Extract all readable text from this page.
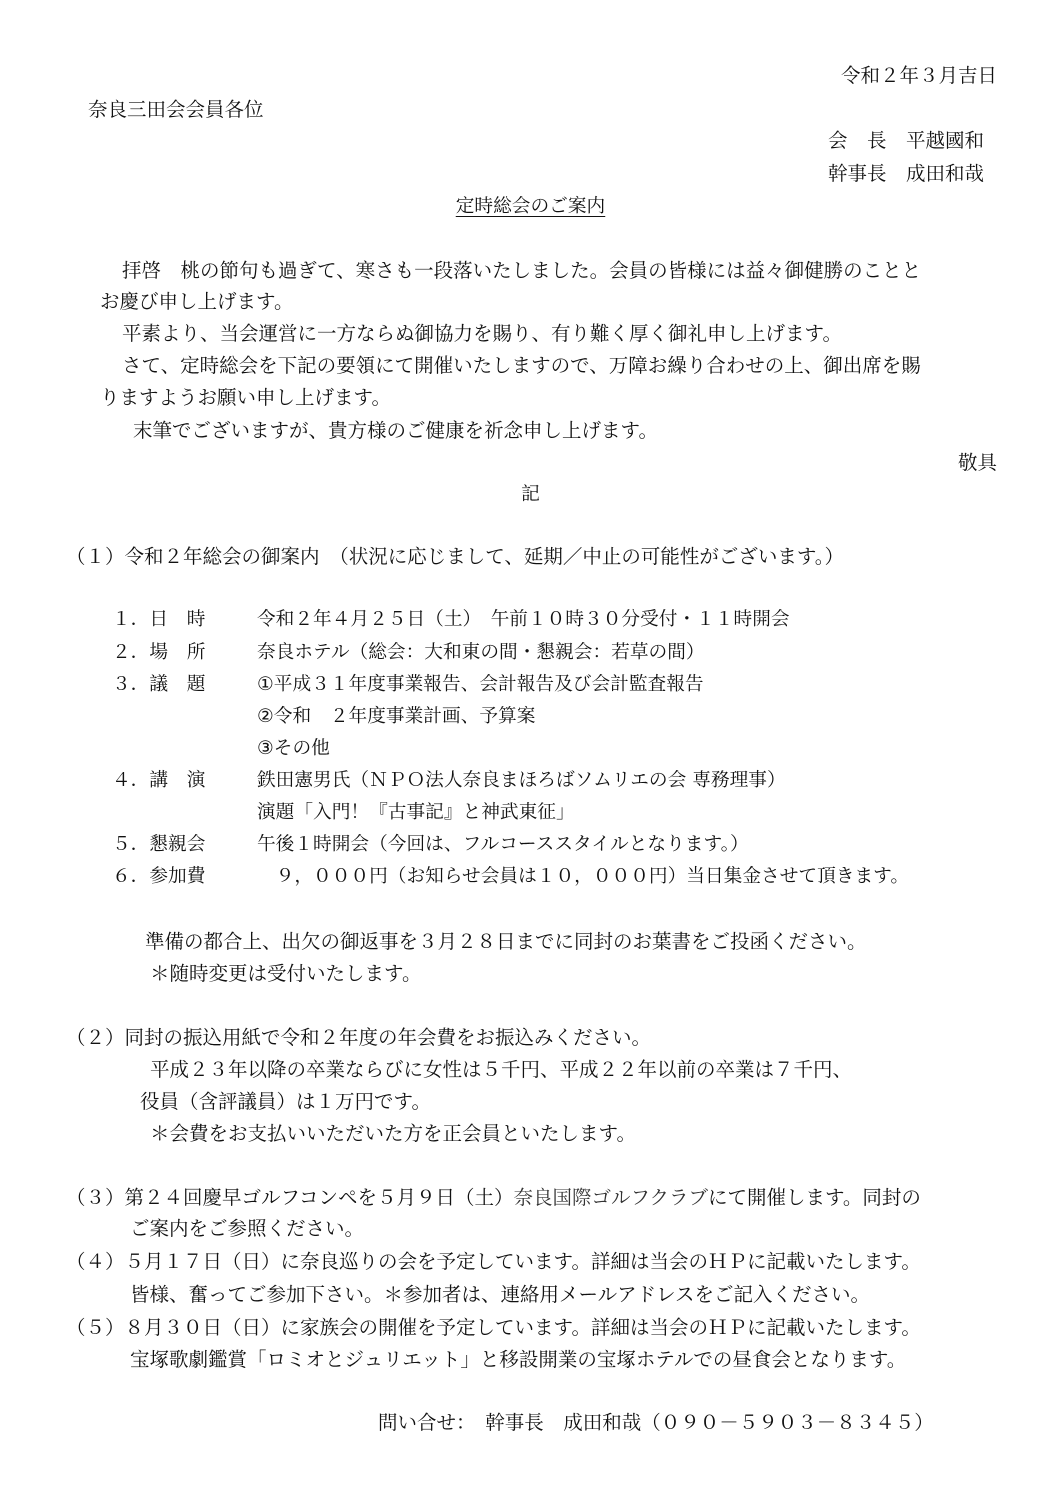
令和２年３月吉日
奈良三田会会員各位
会　長　平越國和
幹事長　成田和哉
定時総会のご案内
拝啓　桃の節句も過ぎて、寒さも一段落いたしました。会員の皆様には益々御健勝のことと
お慶び申し上げます。
平素より、当会運営に一方ならぬ御協力を賜り、有り難く厚く御礼申し上げます。
さて、定時総会を下記の要領にて開催いたしますので、万障お繰り合わせの上、御出席を賜
りますようお願い申し上げます。
末筆でございますが、貴方様のご健康を祈念申し上げます。
敬具
記
（１）令和２年総会の御案内　（状況に応じまして、延期／中止の可能性がございます。）
１．日　時	令和２年４月２５日（土）　午前１０時３０分受付・１１時開会
２．場　所	奈良ホテル（総会：大和東の間・懇親会：若草の間）
３．議　題	①平成３１年度事業報告、会計報告及び会計監査報告
②令和　２年度事業計画、予算案
③その他
４．講　演	鉄田憲男氏（ＮＰＯ法人奈良まほろばソムリエの会 専務理事）
演題「入門！『古事記』と神武東征」
５．懇親会	午後１時開会（今回は、フルコーススタイルとなります。）
６．参加費	　９，０００円（お知らせ会員は１０，０００円）当日集金させて頂きます。
準備の都合上、出欠の御返事を３月２８日までに同封のお葉書をご投函ください。
＊随時変更は受付いたします。
（２）同封の振込用紙で令和２年度の年会費をお振込みください。
平成２３年以降の卒業ならびに女性は５千円、平成２２年以前の卒業は７千円、
役員（含評議員）は１万円です。
＊会費をお支払いいただいた方を正会員といたします。
（３）第２４回慶早ゴルフコンペを５月９日（土）奈良国際ゴルフクラブにて開催します。同封の
ご案内をご参照ください。
（４）５月１７日（日）に奈良巡りの会を予定しています。詳細は当会のＨＰに記載いたします。
皆様、奮ってご参加下さい。＊参加者は、連絡用メールアドレスをご記入ください。
（５）８月３０日（日）に家族会の開催を予定しています。詳細は当会のＨＰに記載いたします。
宝塚歌劇鑑賞「ロミオとジュリエット」と移設開業の宝塚ホテルでの昼食会となります。
問い合せ：　幹事長　成田和哉（０９０－５９０３－８３４５）
